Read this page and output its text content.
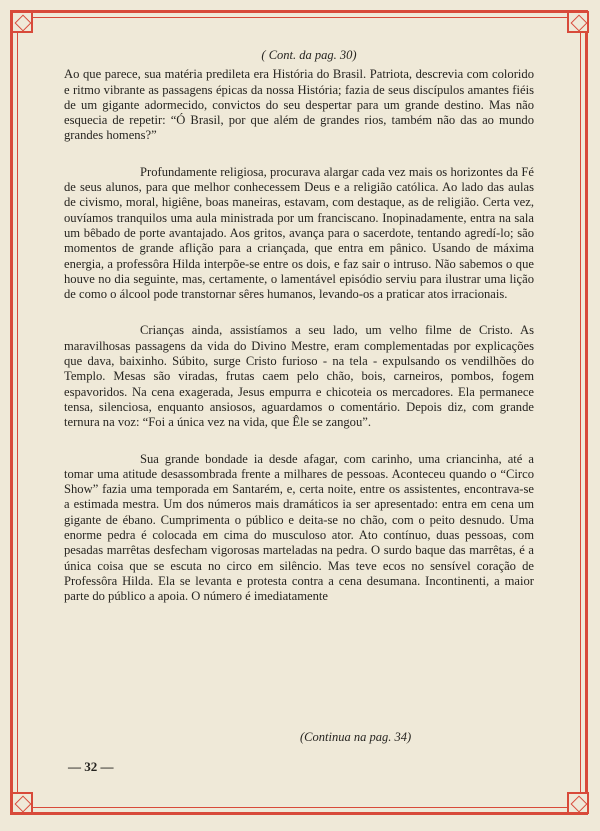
( Cont. da pag. 30)

Ao que parece, sua matéria predileta era História do Brasil. Patriota, descrevia com colorido e ritmo vibrante as passagens épicas da nossa História; fazia de seus discípulos amantes fiéis de um gigante adormecido, convictos do seu despertar para um grande destino. Mas não esquecia de repetir: “Ó Brasil, por que além de grandes rios, também não das ao mundo grandes homens?”

Profundamente religiosa, procurava alargar cada vez mais os horizontes da Fé de seus alunos, para que melhor conhecessem Deus e a religião católica. Ao lado das aulas de civismo, moral, higiêne, boas maneiras, estavam, com destaque, as de religião. Certa vez, ouvíamos tranquilos uma aula ministrada por um franciscano. Inopinadamente, entra na sala um bêbado de porte avantajado. Aos gritos, avança para o sacerdote, tentando agredí-lo; são momentos de grande aflição para a criançada, que entra em pânico. Usando de máxima energia, a professôra Hilda interpõe-se entre os dois, e faz sair o intruso. Não sabemos o que houve no dia seguinte, mas, certamente, o lamentável episódio serviu para ilustrar uma lição de como o álcool pode transtornar sêres humanos, levando-os a praticar atos irracionais.

Crianças ainda, assistíamos a seu lado, um velho filme de Cristo. As maravilhosas passagens da vida do Divino Mestre, eram complementadas por explicações que dava, baixinho. Súbito, surge Cristo furioso - na tela - expulsando os vendilhões do Templo. Mesas são viradas, frutas caem pelo chão, bois, carneiros, pombos, fogem espavoridos. Na cena exagerada, Jesus empurra e chicoteia os mercadores. Ela permanece tensa, silenciosa, enquanto ansiosos, aguardamos o comentário. Depois diz, com grande ternura na voz: “Foi a única vez na vida, que Êle se zangou”.

Sua grande bondade ia desde afagar, com carinho, uma criancinha, até a tomar uma atitude desassombrada frente a milhares de pessoas. Aconteceu quando o “Circo Show” fazia uma temporada em Santarém, e, certa noite, entre os assistentes, encontrava-se a estimada mestra. Um dos números mais dramáticos ia ser apresentado: entra em cena um gigante de ébano. Cumprimenta o público e deita-se no chão, com o peito desnudo. Uma enorme pedra é colocada em cima do musculoso ator. Ato contínuo, duas pessoas, com pesadas marrêtas desfecham vigorosas marteladas na pedra. O surdo baque das marrêtas, é a única coisa que se escuta no circo em silêncio. Mas teve ecos no sensível coração de Professôra Hilda. Ela se levanta e protesta contra a cena desumana. Incontinenti, a maior parte do público a apoia. O número é imediatamente

(Continua na pag. 34)
— 32 —
